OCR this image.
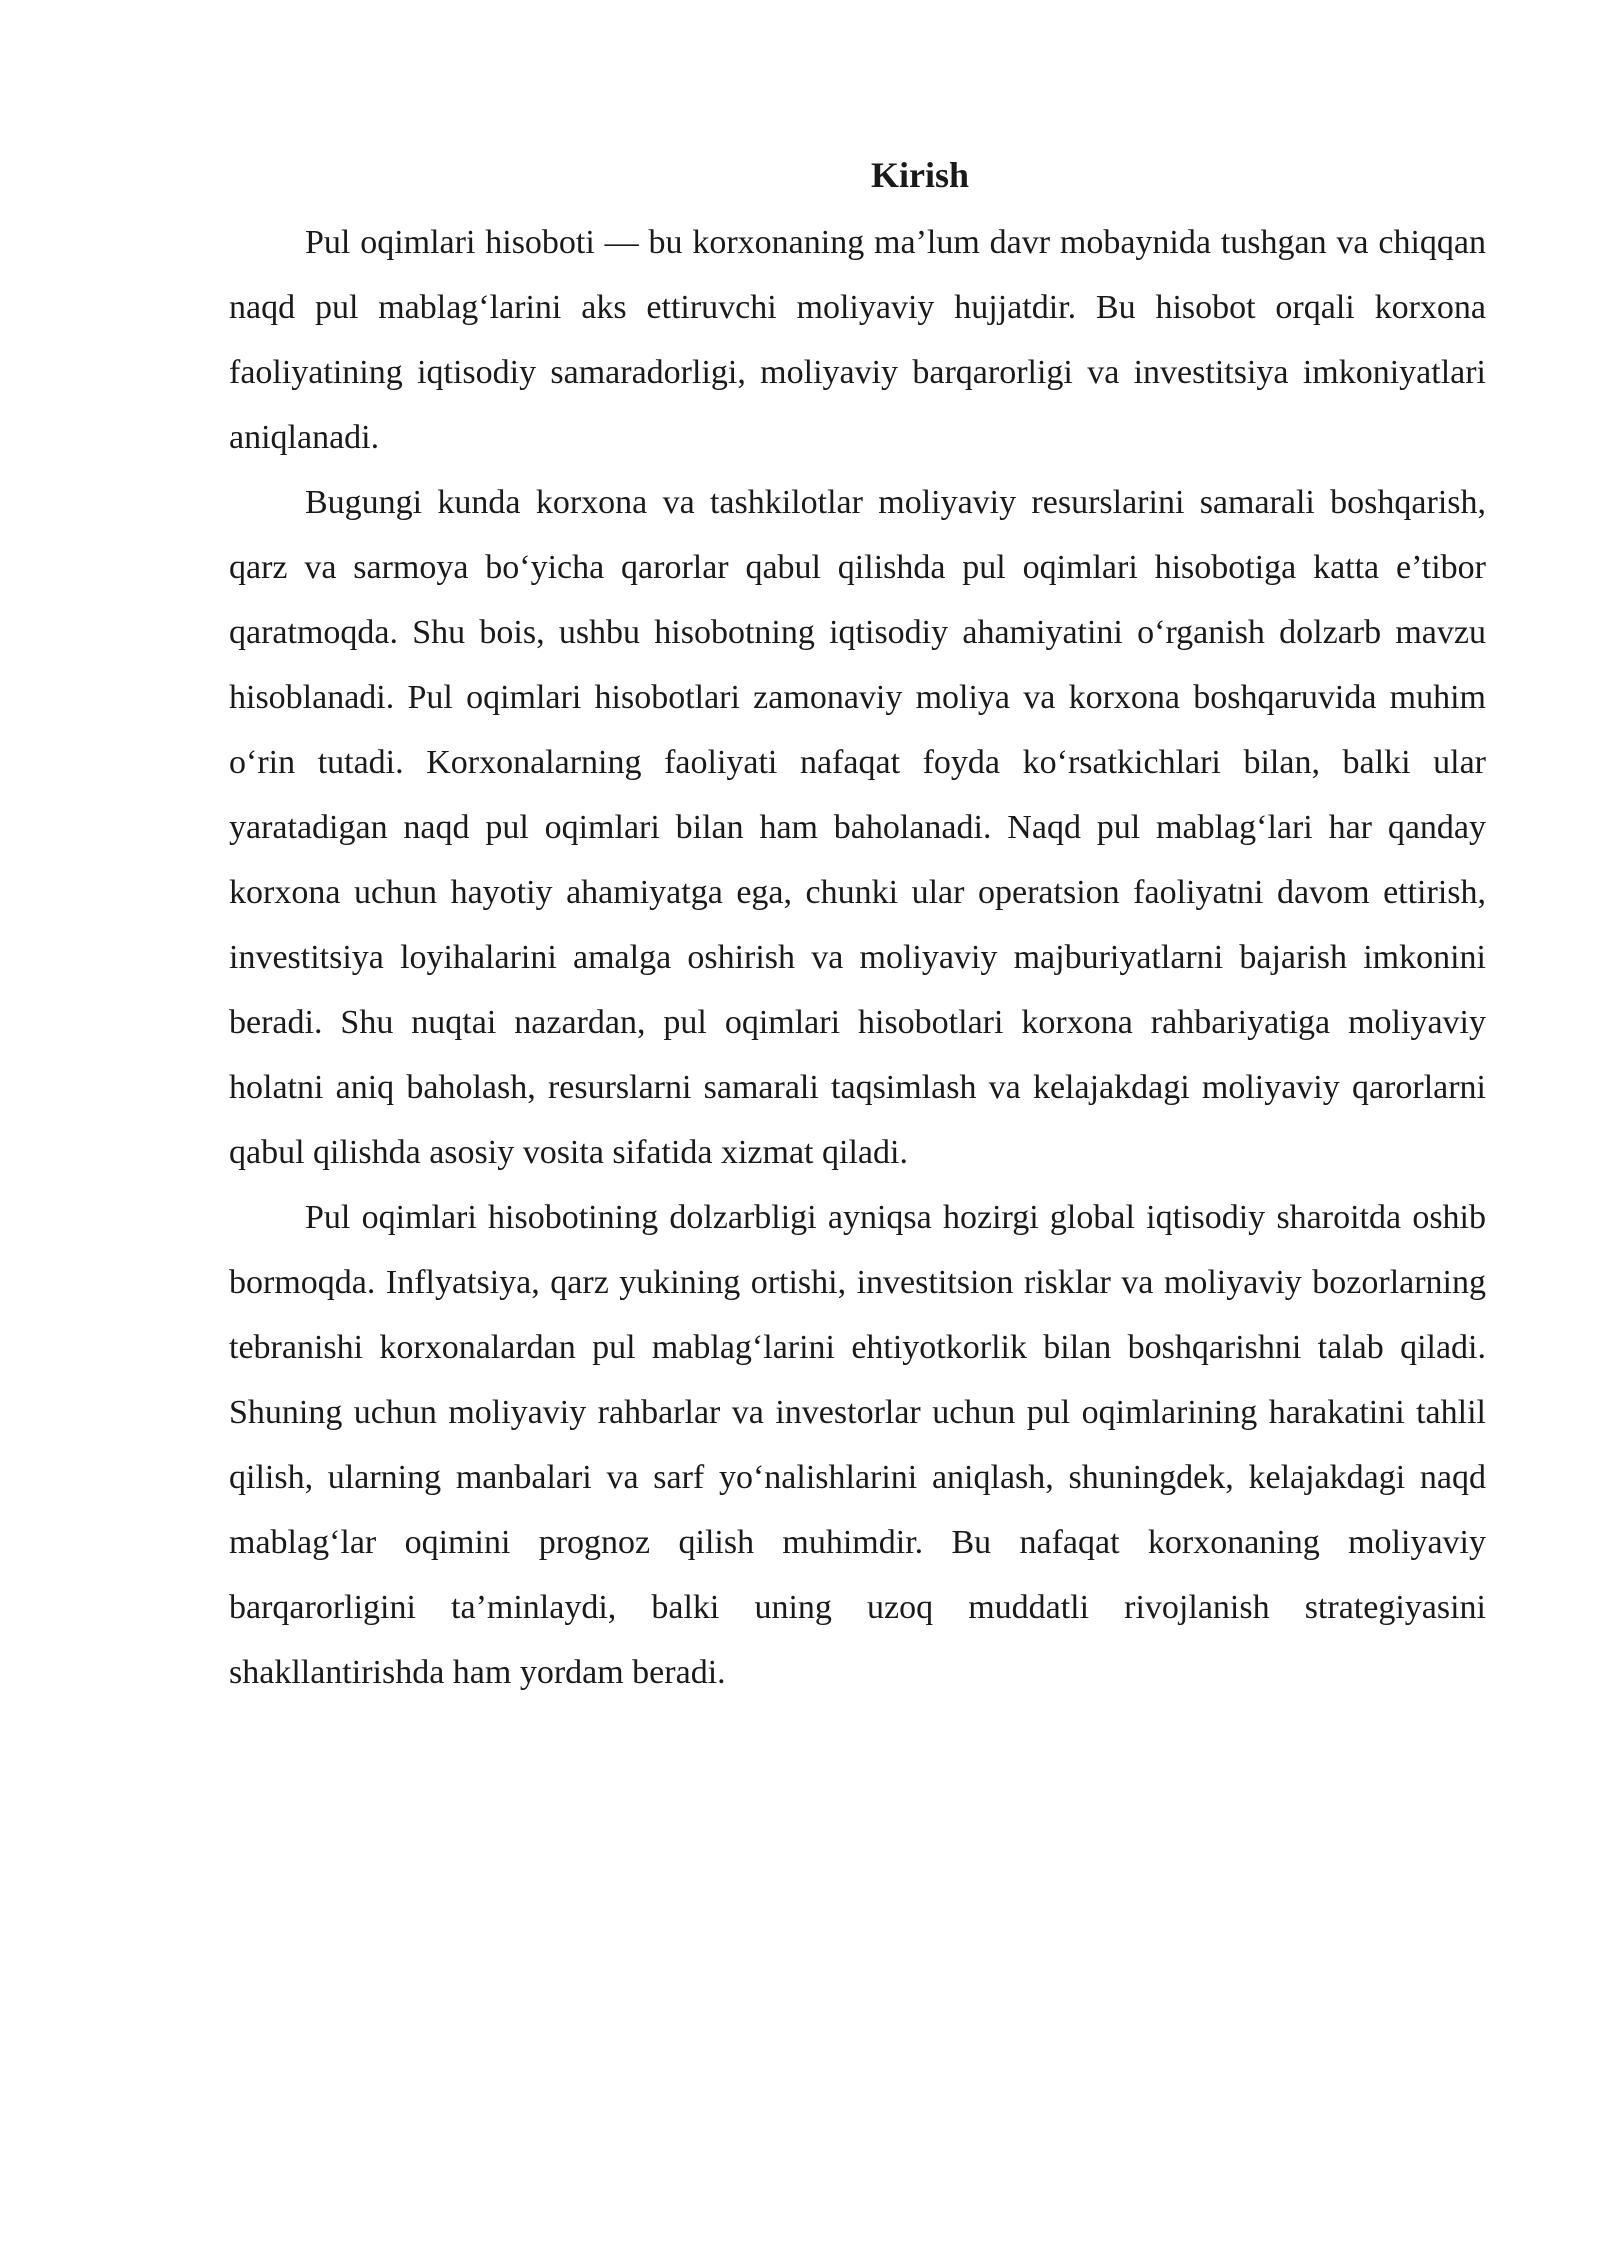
Kirish

Pul oqimlari hisoboti — bu korxonaning ma’lum davr mobaynida tushgan va chiqqan naqd pul mablag‘larini aks ettiruvchi moliyaviy hujjatdir. Bu hisobot orqali korxona faoliyatining iqtisodiy samaradorligi, moliyaviy barqarorligi va investitsiya imkoniyatlari aniqlanadi.

Bugungi kunda korxona va tashkilotlar moliyaviy resurslarini samarali boshqarish, qarz va sarmoya bo‘yicha qarorlar qabul qilishda pul oqimlari hisobotiga katta e’tibor qaratmoqda. Shu bois, ushbu hisobotning iqtisodiy ahamiyatini o‘rganish dolzarb mavzu hisoblanadi. Pul oqimlari hisobotlari zamonaviy moliya va korxona boshqaruvida muhim o‘rin tutadi. Korxonalarning faoliyati nafaqat foyda ko‘rsatkichlari bilan, balki ular yaratadigan naqd pul oqimlari bilan ham baholanadi. Naqd pul mablag‘lari har qanday korxona uchun hayotiy ahamiyatga ega, chunki ular operatsion faoliyatni davom ettirish, investitsiya loyihalarini amalga oshirish va moliyaviy majburiyatlarni bajarish imkonini beradi. Shu nuqtai nazardan, pul oqimlari hisobotlari korxona rahbariyatiga moliyaviy holatni aniq baholash, resurslarni samarali taqsimlash va kelajakdagi moliyaviy qarorlarni qabul qilishda asosiy vosita sifatida xizmat qiladi.

Pul oqimlari hisobotining dolzarbligi ayniqsa hozirgi global iqtisodiy sharoitda oshib bormoqda. Inflyatsiya, qarz yukining ortishi, investitsion risklar va moliyaviy bozorlarning tebranishi korxonalardan pul mablag‘larini ehtiyotkorlik bilan boshqarishni talab qiladi. Shuning uchun moliyaviy rahbarlar va investorlar uchun pul oqimlarining harakatini tahlil qilish, ularning manbalari va sarf yo‘nalishlarini aniqlash, shuningdek, kelajakdagi naqd mablag‘lar oqimini prognoz qilish muhimdir. Bu nafaqat korxonaning moliyaviy barqarorligini ta’minlaydi, balki uning uzoq muddatli rivojlanish strategiyasini shakllantirishda ham yordam beradi.
